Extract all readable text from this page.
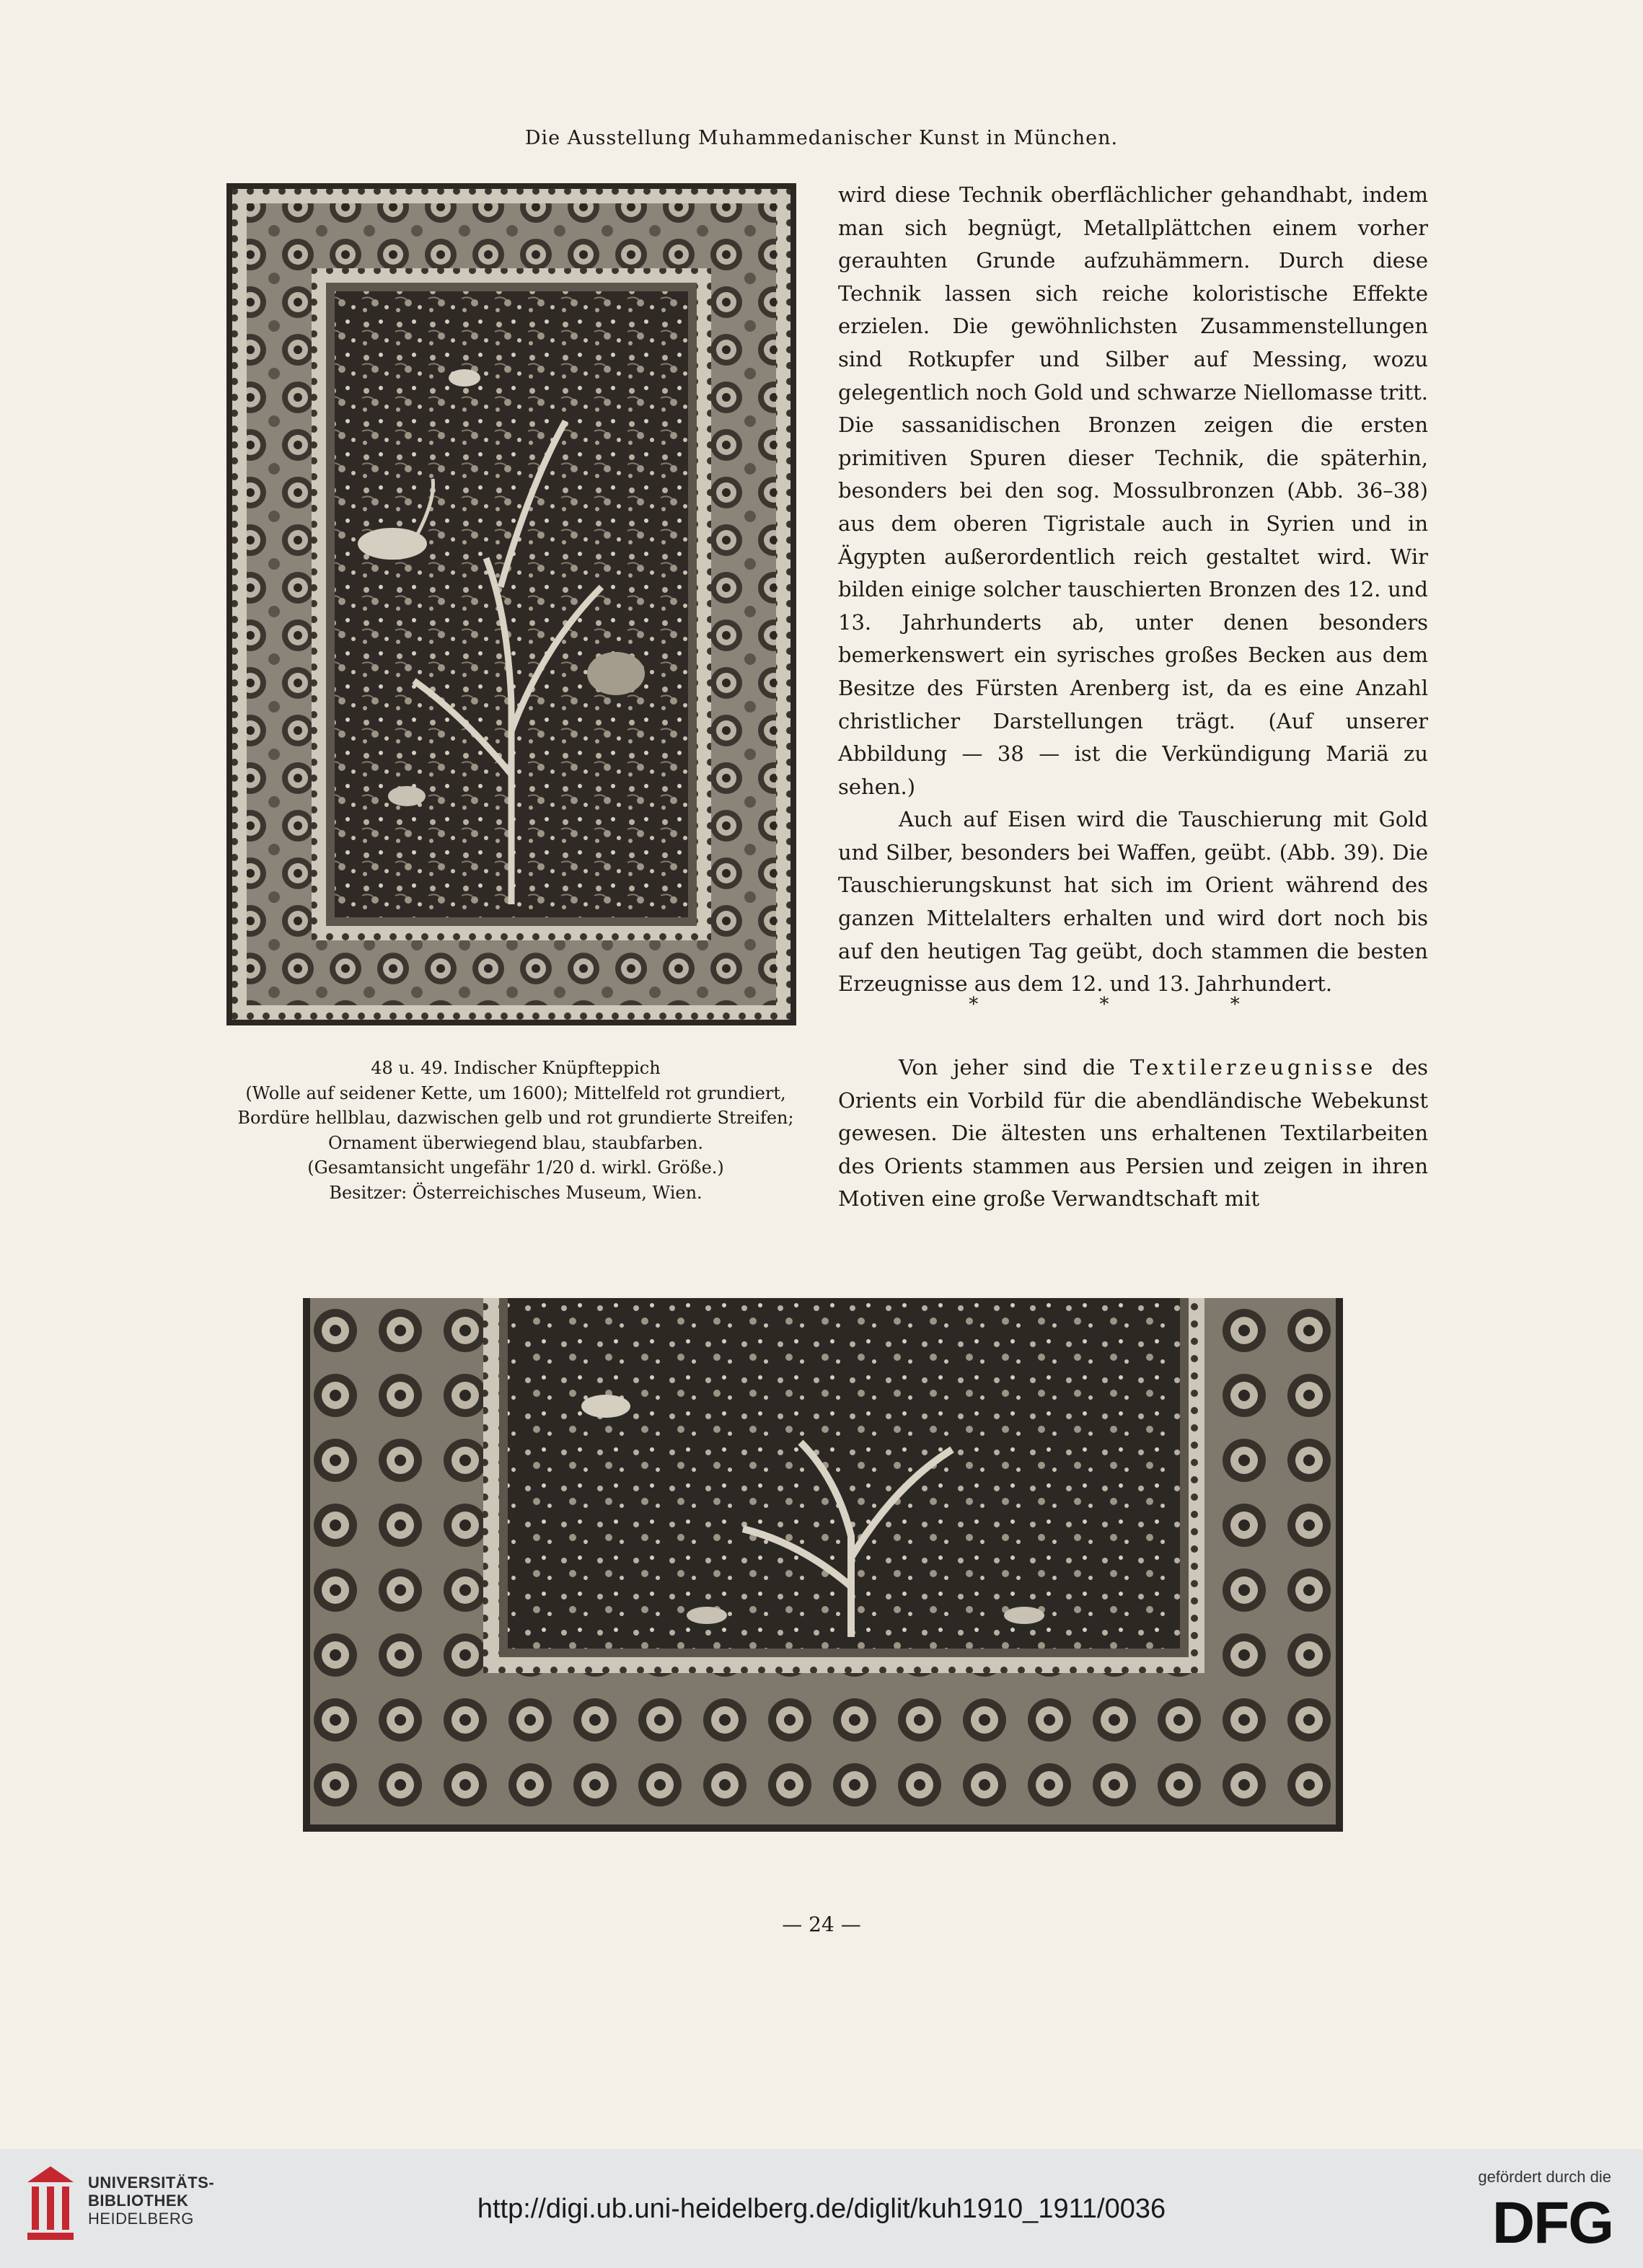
Die Ausstellung Muhammedanischer Kunst in München.

wird diese Technik oberflächlicher gehandhabt, indem man sich begnügt, Metallplättchen einem vorher gerauhten Grunde aufzuhämmern. Durch diese Technik lassen sich reiche koloristische Effekte erzielen. Die gewöhnlichsten Zusammenstellungen sind Rotkupfer und Silber auf Messing, wozu gelegentlich noch Gold und schwarze Niellomasse tritt. Die sassanidischen Bronzen zeigen die ersten primitiven Spuren dieser Technik, die späterhin, besonders bei den sog. Mossulbronzen (Abb. 36–38) aus dem oberen Tigristale auch in Syrien und in Ägypten außerordentlich reich gestaltet wird. Wir bilden einige solcher tauschierten Bronzen des 12. und 13. Jahrhunderts ab, unter denen besonders bemerkenswert ein syrisches großes Becken aus dem Besitze des Fürsten Arenberg ist, da es eine Anzahl christlicher Darstellungen trägt. (Auf unserer Abbildung — 38 — ist die Verkündigung Mariä zu sehen.)

Auch auf Eisen wird die Tauschierung mit Gold und Silber, besonders bei Waffen, geübt. (Abb. 39). Die Tauschierungskunst hat sich im Orient während des ganzen Mittelalters erhalten und wird dort noch bis auf den heutigen Tag geübt, doch stammen die besten Erzeugnisse aus dem 12. und 13. Jahrhundert.

* * *
Von jeher sind die Textilerzeugnisse des Orients ein Vorbild für die abendländische Webekunst gewesen. Die ältesten uns erhaltenen Textilarbeiten des Orients stammen aus Persien und zeigen in ihren Motiven eine große Verwandtschaft mit
48 u. 49. Indischer Knüpfteppich
(Wolle auf seidener Kette, um 1600); Mittelfeld rot grundiert,
Bordüre hellblau, dazwischen gelb und rot grundierte Streifen;
Ornament überwiegend blau, staubfarben.
(Gesamtansicht ungefähr 1/20 d. wirkl. Größe.)
Besitzer: Österreichisches Museum, Wien.
— 24 —
UNIVERSITÄTS-
BIBLIOTHEK
HEIDELBERG	http://digi.ub.uni-heidelberg.de/diglit/kuh1910_1911/0036
gefördert durch die
DFG
